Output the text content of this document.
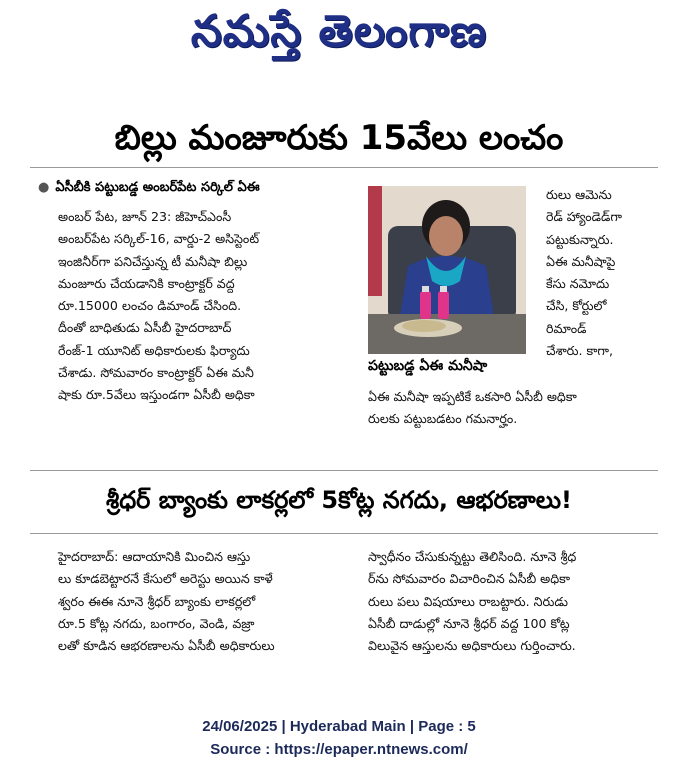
నమస్తే తెలంగాణ
బిల్లు మంజూరుకు 15వేలు లంచం
● ఏసీబీకి పట్టుబడ్డ అంబర్‌పేట సర్కిల్ ఏఈ
అంబర్ పేట, జూన్ 23: జీహెచ్ఎంసీ
అంబర్‌పేట సర్కిల్-16, వార్డు-2 అసిస్టెంట్
ఇంజినీర్‌గా పనిచేస్తున్న టీ మనీషా బిల్లు
మంజూరు చేయడానికి కాంట్రాక్టర్ వద్ద
రూ.15000 లంచం డిమాండ్ చేసింది.
దీంతో బాధితుడు ఏసీబీ హైదరాబాద్
రేంజ్-1 యూనిట్ అధికారులకు ఫిర్యాదు
చేశాడు. సోమవారం కాంట్రాక్టర్ ఏఈ మనీ
షాకు రూ.5వేలు ఇస్తుండగా ఏసీబీ అధికా
పట్టుబడ్డ ఏఈ మనీషా
రులు ఆమెను
రెడ్ హ్యాండెడ్‌గా
పట్టుకున్నారు.
ఏఈ మనీషాపై
కేసు నమోదు
చేసి, కోర్టులో
రిమాండ్
చేశారు. కాగా,
ఏఈ మనీషా ఇప్పటికే ఒకసారి ఏసీబీ అధికా
రులకు పట్టుబడటం గమనార్హం.
శ్రీధర్ బ్యాంకు లాకర్లలో 5కోట్ల నగదు, ఆభరణాలు!
హైదరాబాద్: ఆదాయానికి మించిన ఆస్తు
లు కూడబెట్టారనే కేసులో అరెస్టు అయిన కాళే
శ్వరం ఈఈ నూనె శ్రీధర్ బ్యాంకు లాకర్లలో
రూ.5 కోట్ల నగదు, బంగారం, వెండి, వజ్రా
లతో కూడిన ఆభరణాలను ఏసీబీ అధికారులు
స్వాధీనం చేసుకున్నట్టు తెలిసింది. నూనె శ్రీధ
ర్‌ను సోమవారం విచారించిన ఏసీబీ అధికా
రులు పలు విషయాలు రాబట్టారు. నిరుడు
ఏసీబీ దాడుల్లో నూనె శ్రీధర్ వద్ద 100 కోట్ల
విలువైన ఆస్తులను అధికారులు గుర్తించారు.
24/06/2025 | Hyderabad Main | Page : 5
Source : https://epaper.ntnews.com/
